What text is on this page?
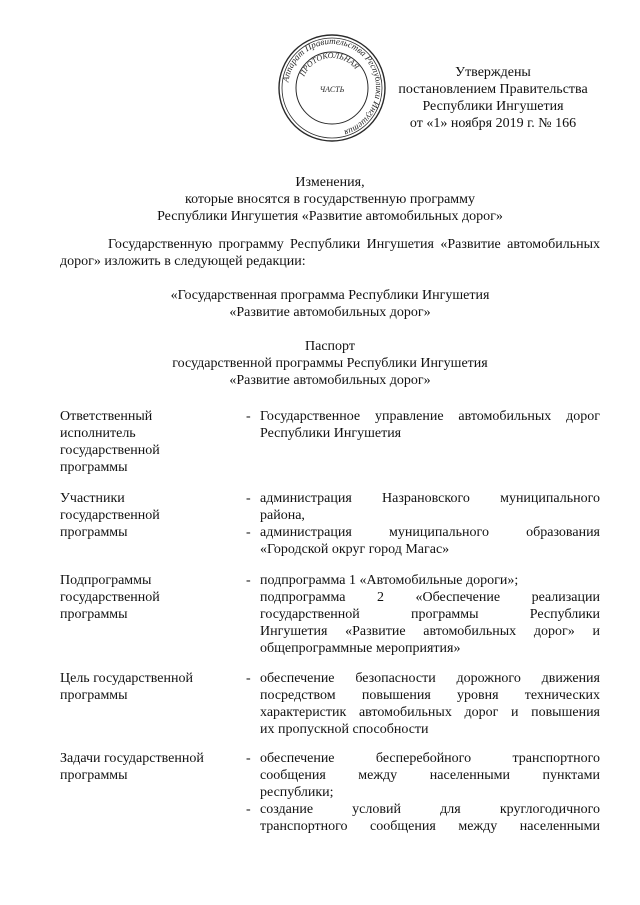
Аппарат Правительства Республики Ингушетия
ПРОТОКОЛЬНАЯ
ЧАСТЬ
Утверждены
постановлением Правительства
Республики Ингушетия
от «1» ноября 2019 г. № 166
Изменения,
которые вносятся в государственную программу
Республики Ингушетия «Развитие автомобильных дорог»
Государственную программу Республики Ингушетия «Развитие автомобильных дорог» изложить в следующей редакции:
«Государственная программа Республики Ингушетия
«Развитие автомобильных дорог»
Паспорт
государственной программы Республики Ингушетия
«Развитие автомобильных дорог»
Ответственный
исполнитель
государственной
программы
- Государственное управление автомобильных дорог
Республики Ингушетия
Участники
государственной
программы
- администрация Назрановского муниципального
района,
- администрация муниципального образования
«Городской округ город Магас»
Подпрограммы
государственной
программы
- подпрограмма 1 «Автомобильные дороги»;
подпрограмма 2 «Обеспечение реализации
государственной программы Республики
Ингушетия «Развитие автомобильных дорог» и
общепрограммные мероприятия»
Цель государственной
программы
- обеспечение безопасности дорожного движения
посредством повышения уровня технических
характеристик автомобильных дорог и повышения
их пропускной способности
Задачи государственной
программы
- обеспечение бесперебойного транспортного
сообщения между населенными пунктами
республики;
- создание условий для круглогодичного
транспортного сообщения между населенными
